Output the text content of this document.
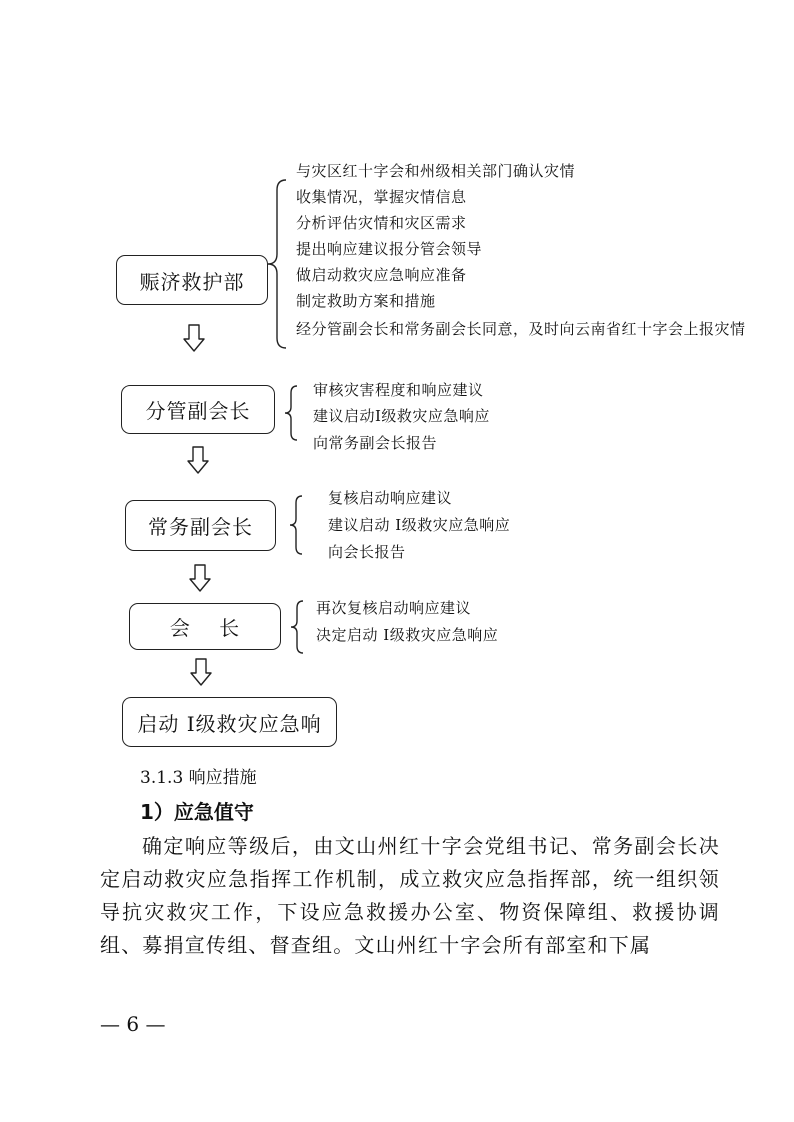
赈济救护部
与灾区红十字会和州级相关部门确认灾情
收集情况，掌握灾情信息
分析评估灾情和灾区需求
提出响应建议报分管会领导
做启动救灾应急响应准备
制定救助方案和措施
经分管副会长和常务副会长同意，及时向云南省红十字会上报灾情
分管副会长
审核灾害程度和响应建议
建议启动Ⅰ级救灾应急响应
向常务副会长报告
常务副会长
复核启动响应建议
建议启动 Ⅰ级救灾应急响应
向会长报告
会　 长
再次复核启动响应建议
决定启动 Ⅰ级救灾应急响应
启动 Ⅰ级救灾应急响
3.1.3 响应措施
1）应急值守

确定响应等级后，由文山州红十字会党组书记、常务副会长决定启动救灾应急指挥工作机制，成立救灾应急指挥部，统一组织领导抗灾救灾工作，下设应急救援办公室、物资保障组、救援协调组、募捐宣传组、督查组。文山州红十字会所有部室和下属

— 6 —
